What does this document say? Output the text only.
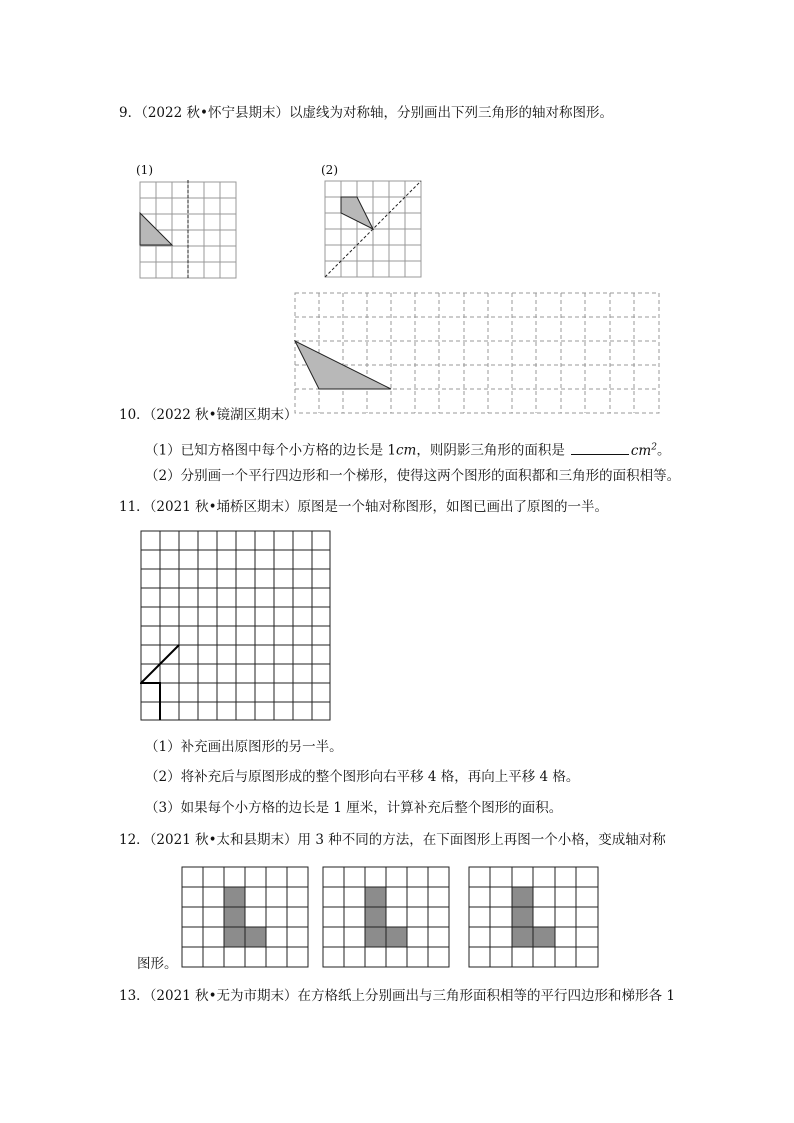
9．（2022 秋•怀宁县期末）以虚线为对称轴，分别画出下列三角形的轴对称图形。
(1)	(2)
10．（2022 秋•镜湖区期末）
（1）已知方格图中每个小方格的边长是 1cm，则阴影三角形的面积是	$cm^2$。
（2）分别画一个平行四边形和一个梯形，使得这两个图形的面积都和三角形的面积相等。
11．（2021 秋•埇桥区期末）原图是一个轴对称图形，如图已画出了原图的一半。
（1）补充画出原图形的另一半。
（2）将补充后与原图形成的整个图形向右平移 4 格，再向上平移 4 格。
（3）如果每个小方格的边长是 1 厘米，计算补充后整个图形的面积。
12．（2021 秋•太和县期末）用 3 种不同的方法，在下面图形上再图一个小格，变成轴对称
图形。
13．（2021 秋•无为市期末）在方格纸上分别画出与三角形面积相等的平行四边形和梯形各 1
